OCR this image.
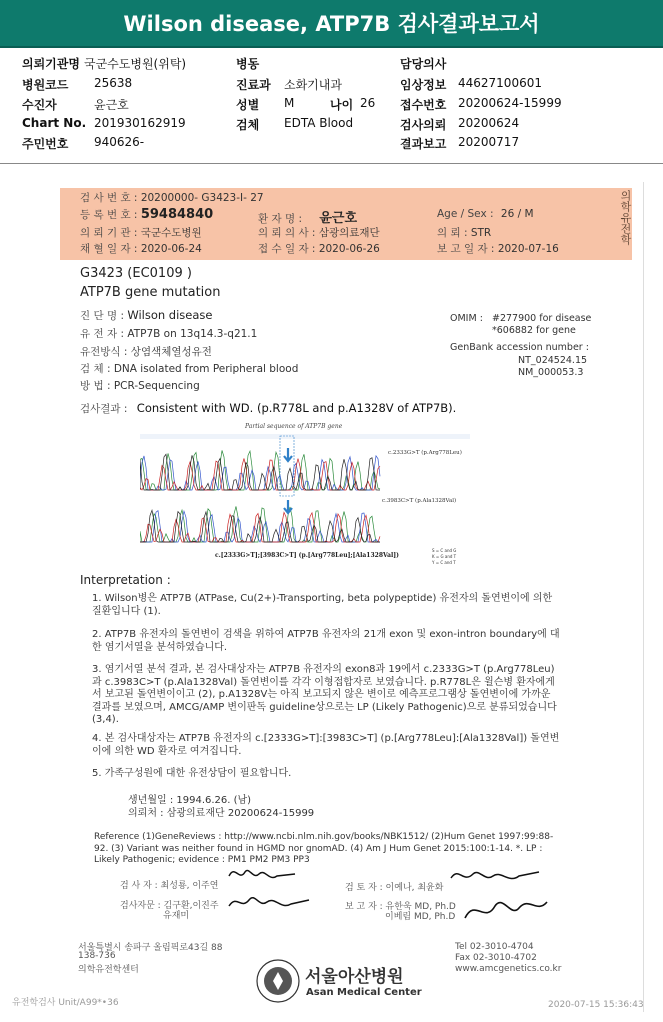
Wilson disease, ATP7B 검사결과보고서
의뢰기관명 국군수도병원(위탁)	병동	담당의사
병원코드 25638	진료과 소화기내과	임상정보 44627100601
수진자	윤근호	성별 M	나이 26 접수번호 20200624-15999
Chart No. 201930162919	검체 EDTA Blood	검사의뢰 20200624
주민번호 940626-	결과보고 20200717
의학유전학
검 사 번 호 : 20200000- G3423-I- 27
등 록 번 호 : 59484840	환 자 명 : 윤근호	Age / Sex : 26 / M
의 뢰 기 관 : 국군수도병원	의 뢰 의 사 : 삼광의료재단	의 뢰 : STR
채 혈 일 자 : 2020-06-24	접 수 일 자 : 2020-06-26	보 고 일 자 : 2020-07-16
G3423 (EC0109 )
ATP7B gene mutation
진 단 명 : Wilson disease
유 전 자 : ATP7B on 13q14.3-q21.1
유전방식 : 상염색체열성유전
검 체 : DNA isolated from Peripheral blood
방 법 : PCR-Sequencing
OMIM : #277900 for disease
*606882 for gene
GenBank accession number :
NT_024524.15
NM_000053.3
검사결과 : Consistent with WD. (p.R778L and p.A1328V of ATP7B).
Partial sequence of ATP7B gene
c.2333G>T (p.Arg778Leu)
c.3983C>T (p.Ala1328Val)
c.[2333G>T];[3983C>T] (p.[Arg778Leu];[Ala1328Val])
S = C and G
K = G and T
Y = C and T
Interpretation :
1. Wilson병은 ATP7B (ATPase, Cu(2+)-Transporting, beta polypeptide) 유전자의 돌연변이에 의한 질환입니다 (1).
2. ATP7B 유전자의 돌연변이 검색을 위하여 ATP7B 유전자의 21개 exon 및 exon-intron boundary에 대한 염기서열을 분석하였습니다.
3. 염기서열 분석 결과, 본 검사대상자는 ATP7B 유전자의 exon8과 19에서 c.2333G>T (p.Arg778Leu)과 c.3983C>T (p.Ala1328Val) 돌연변이를 각각 이형접합자로 보였습니다. p.R778L은 윌슨병 환자에게서 보고된 돌연변이이고 (2), p.A1328V는 아직 보고되지 않은 변이로 예측프로그램상 돌연변이에 가까운 결과를 보였으며, AMCG/AMP 변이판독 guideline상으로는 LP (Likely Pathogenic)으로 분류되었습니다 (3,4).
4. 본 검사대상자는 ATP7B 유전자의 c.[2333G>T]:[3983C>T] (p.[Arg778Leu]:[Ala1328Val]) 돌연변이에 의한 WD 환자로 여겨집니다.
5. 가족구성원에 대한 유전상담이 필요합니다.
생년월일 : 1994.6.26. (남)
의뢰처 : 삼광의료재단 20200624-15999
Reference (1)GeneReviews : http://www.ncbi.nlm.nih.gov/books/NBK1512/ (2)Hum Genet 1997:99:88-92. (3) Variant was neither found in HGMD nor gnomAD. (4) Am J Hum Genet 2015:100:1-14. *. LP : Likely Pathogenic; evidence : PM1 PM2 PM3 PP3
검 사 자 : 최성룡, 이주연
검사자문 : 김구환,이진주
유재미
검 토 자 : 이예나, 최윤화
보 고 자 : 유한욱 MD, Ph.D
이베림 MD, Ph.D
서울특별시 송파구 올림픽로43길 88
138-736
의학유전학센터	서울아산병원
Asan Medical Center
Tel 02-3010-4704
Fax 02-3010-4702
www.amcgenetics.co.kr
유전학검사 Unit/A99*•36	2020-07-15 15:36:43
